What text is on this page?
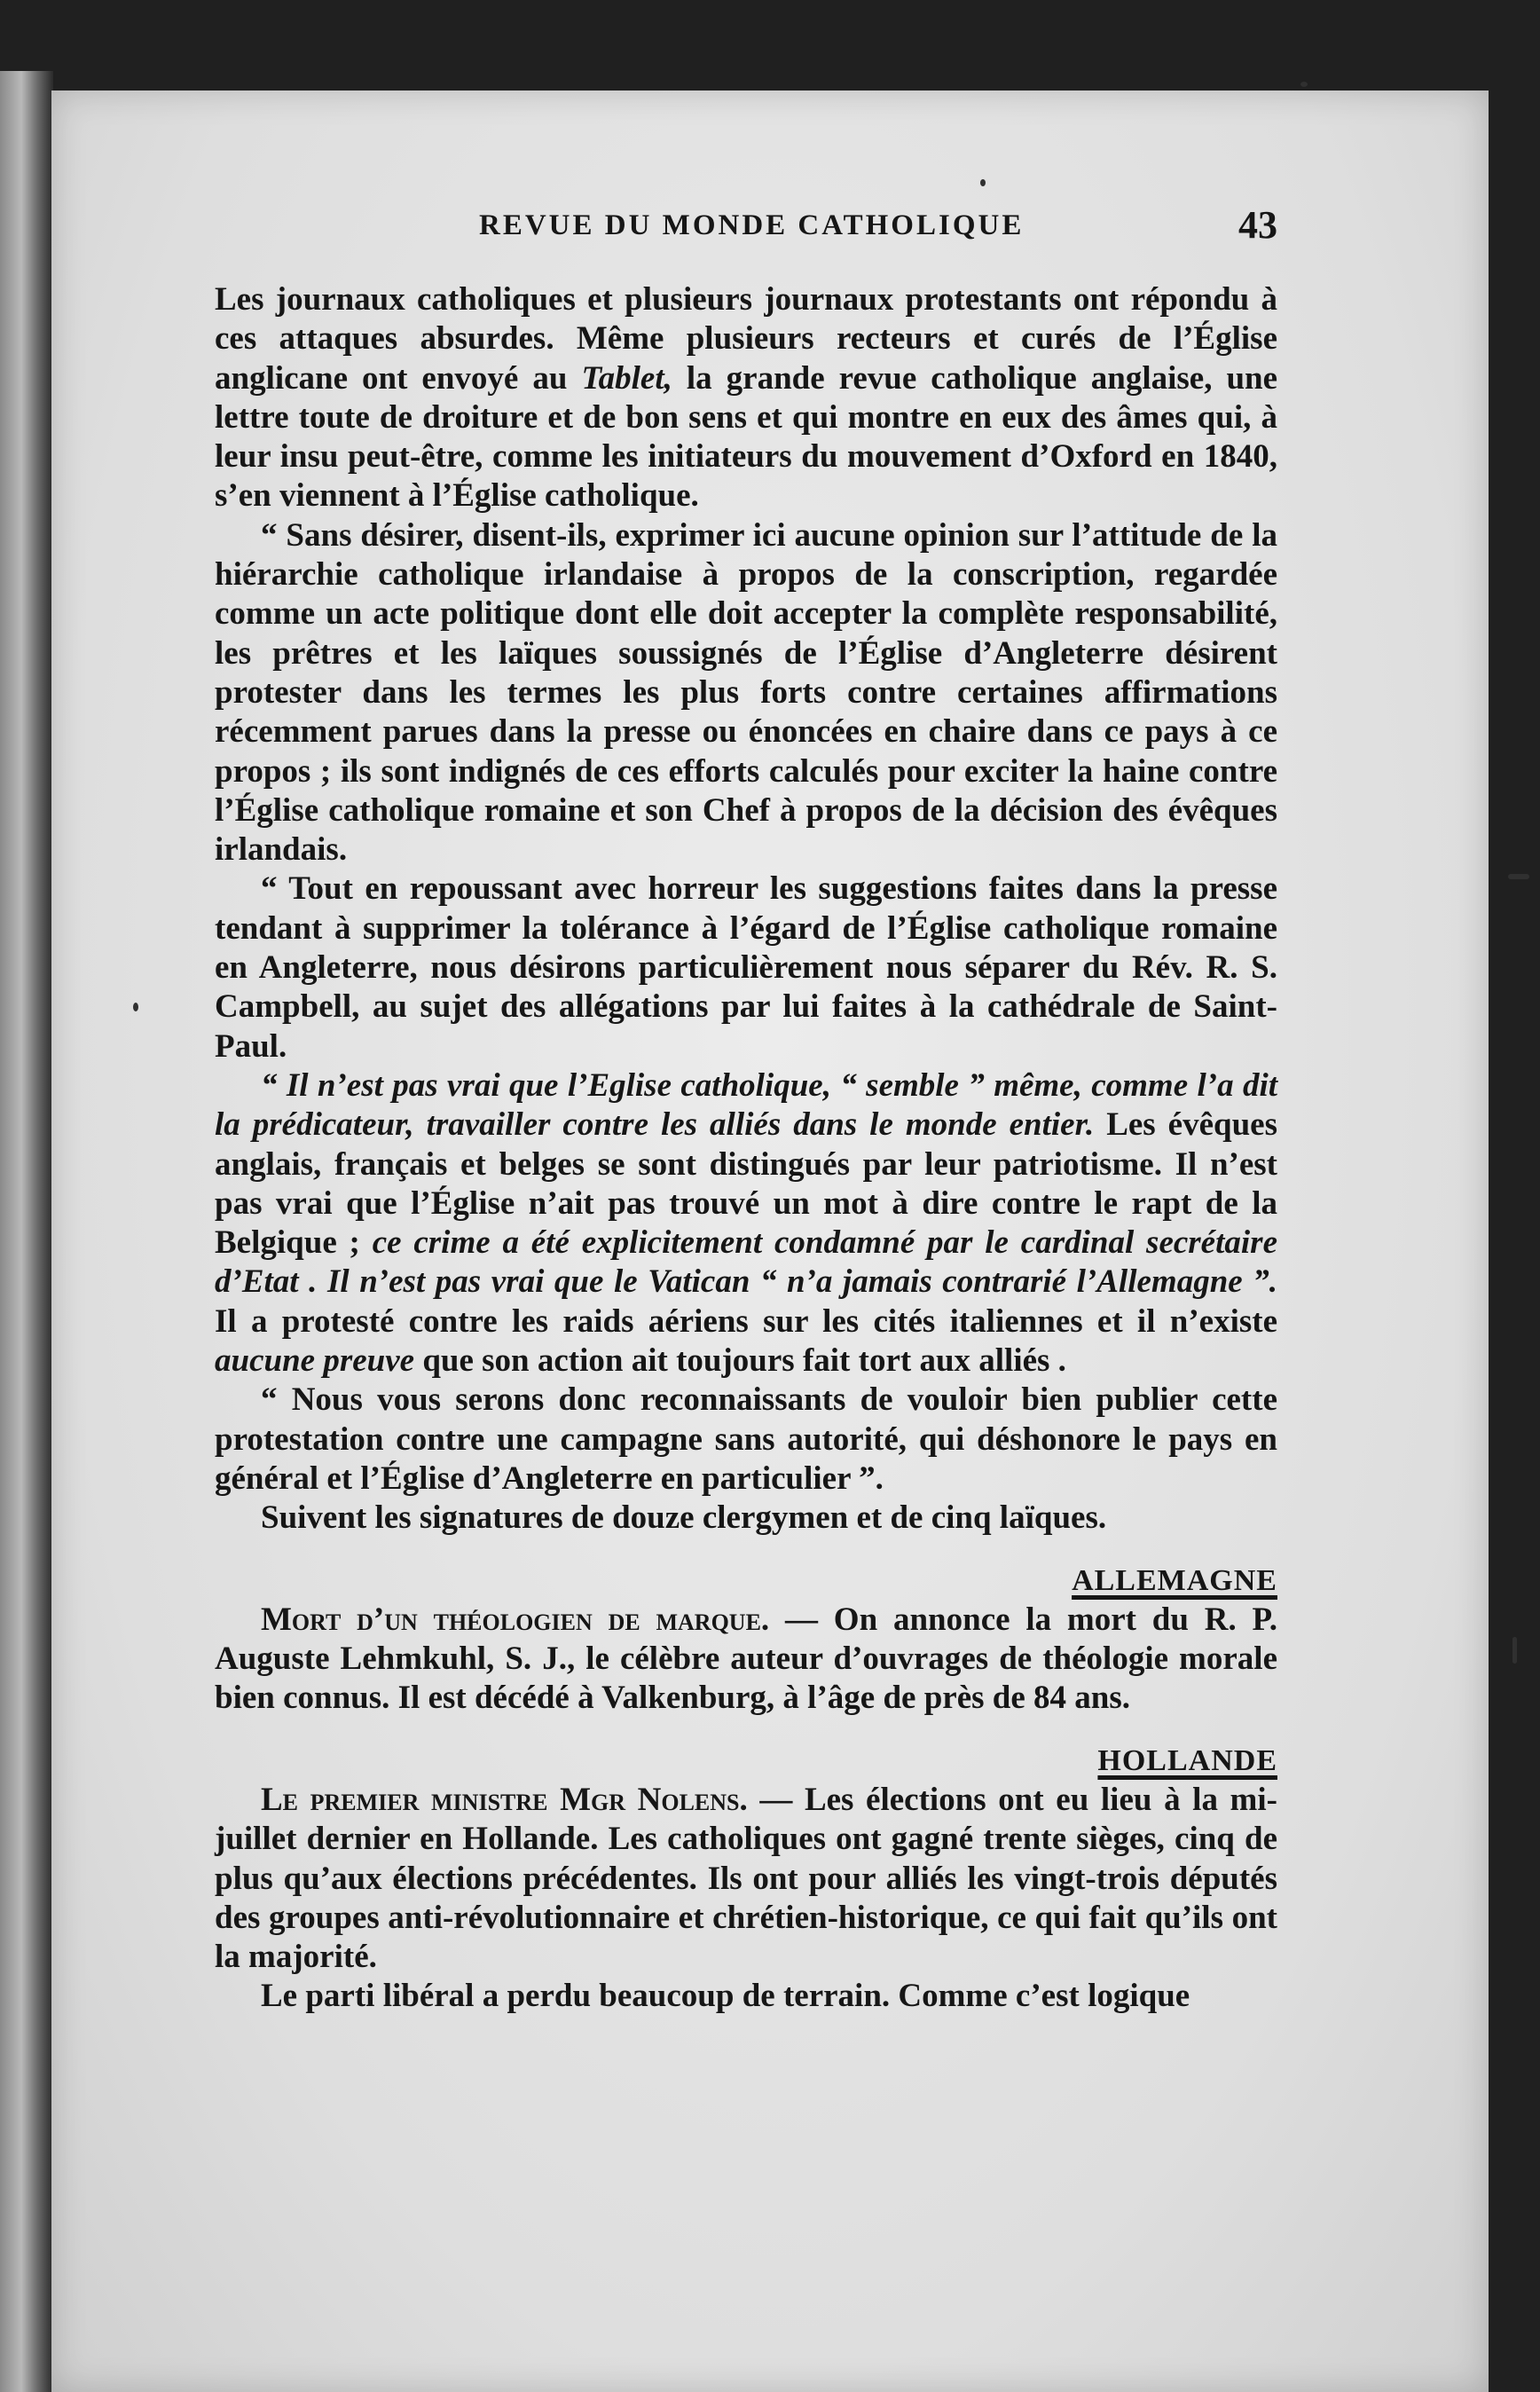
REVUE DU MONDE CATHOLIQUE	43

Les journaux catholiques et plusieurs journaux protestants ont répondu à ces attaques absurdes. Même plusieurs recteurs et curés de l’Église anglicane ont envoyé au Tablet, la grande revue catholique anglaise, une lettre toute de droiture et de bon sens et qui montre en eux des âmes qui, à leur insu peut-être, comme les initiateurs du mouvement d’Oxford en 1840, s’en viennent à l’Église catholique.

“ Sans désirer, disent-ils, exprimer ici aucune opinion sur l’attitude de la hiérarchie catholique irlandaise à propos de la conscription, regardée comme un acte politique dont elle doit accepter la complète responsabilité, les prêtres et les laïques soussignés de l’Église d’Angleterre désirent protester dans les termes les plus forts contre certaines affirmations récemment parues dans la presse ou énoncées en chaire dans ce pays à ce propos ; ils sont indignés de ces efforts calculés pour exciter la haine contre l’Église catholique romaine et son Chef à propos de la décision des évêques irlandais.

“ Tout en repoussant avec horreur les suggestions faites dans la presse tendant à supprimer la tolérance à l’égard de l’Église catholique romaine en Angleterre, nous désirons particulièrement nous séparer du Rév. R. S. Campbell, au sujet des allégations par lui faites à la cathédrale de Saint-Paul.

“ Il n’est pas vrai que l’Eglise catholique, “ semble ” même, comme l’a dit la prédicateur, travailler contre les alliés dans le monde entier. Les évêques anglais, français et belges se sont distingués par leur patriotisme. Il n’est pas vrai que l’Église n’ait pas trouvé un mot à dire contre le rapt de la Belgique ; ce crime a été explicitement condamné par le cardinal secrétaire d’Etat . Il n’est pas vrai que le Vatican “ n’a jamais contrarié l’Allemagne ”. Il a protesté contre les raids aériens sur les cités italiennes et il n’existe aucune preuve que son action ait toujours fait tort aux alliés .

“ Nous vous serons donc reconnaissants de vouloir bien publier cette protestation contre une campagne sans autorité, qui déshonore le pays en général et l’Église d’Angleterre en particulier ”.

Suivent les signatures de douze clergymen et de cinq laïques.

ALLEMAGNE

Mort d’un théologien de marque. — On annonce la mort du R. P. Auguste Lehmkuhl, S. J., le célèbre auteur d’ouvrages de théologie morale bien connus. Il est décédé à Valkenburg, à l’âge de près de 84 ans.

HOLLANDE

Le premier ministre Mgr Nolens. — Les élections ont eu lieu à la mi-juillet dernier en Hollande. Les catholiques ont gagné trente sièges, cinq de plus qu’aux élections précédentes. Ils ont pour alliés les vingt-trois députés des groupes anti-révolutionnaire et chrétien-historique, ce qui fait qu’ils ont la majorité.

Le parti libéral a perdu beaucoup de terrain. Comme c’est logique
